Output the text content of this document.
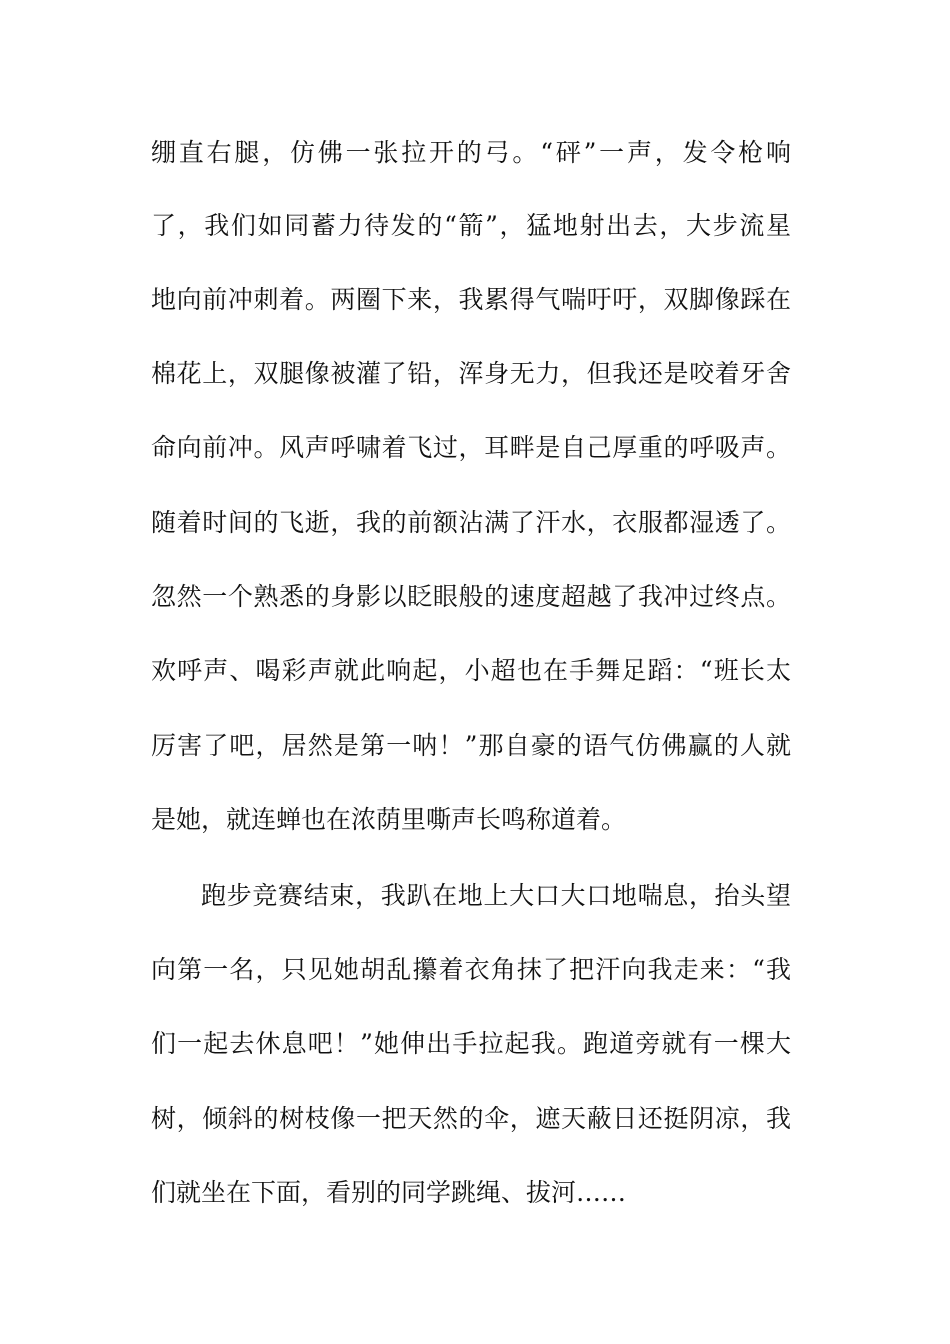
绷直右腿，仿佛一张拉开的弓。“砰”一声，发令枪响
了，我们如同蓄力待发的“箭”，猛地射出去，大步流星
地向前冲刺着。两圈下来，我累得气喘吁吁，双脚像踩在
棉花上，双腿像被灌了铅，浑身无力，但我还是咬着牙舍
命向前冲。风声呼啸着飞过，耳畔是自己厚重的呼吸声。
随着时间的飞逝，我的前额沾满了汗水，衣服都湿透了。
忽然一个熟悉的身影以眨眼般的速度超越了我冲过终点。
欢呼声、喝彩声就此响起，小超也在手舞足蹈：“班长太
厉害了吧，居然是第一呐！”那自豪的语气仿佛赢的人就
是她，就连蝉也在浓荫里嘶声长鸣称道着。
跑步竞赛结束，我趴在地上大口大口地喘息，抬头望
向第一名，只见她胡乱攥着衣角抹了把汗向我走来：“我
们一起去休息吧！”她伸出手拉起我。跑道旁就有一棵大
树，倾斜的树枝像一把天然的伞，遮天蔽日还挺阴凉，我
们就坐在下面，看别的同学跳绳、拔河……
